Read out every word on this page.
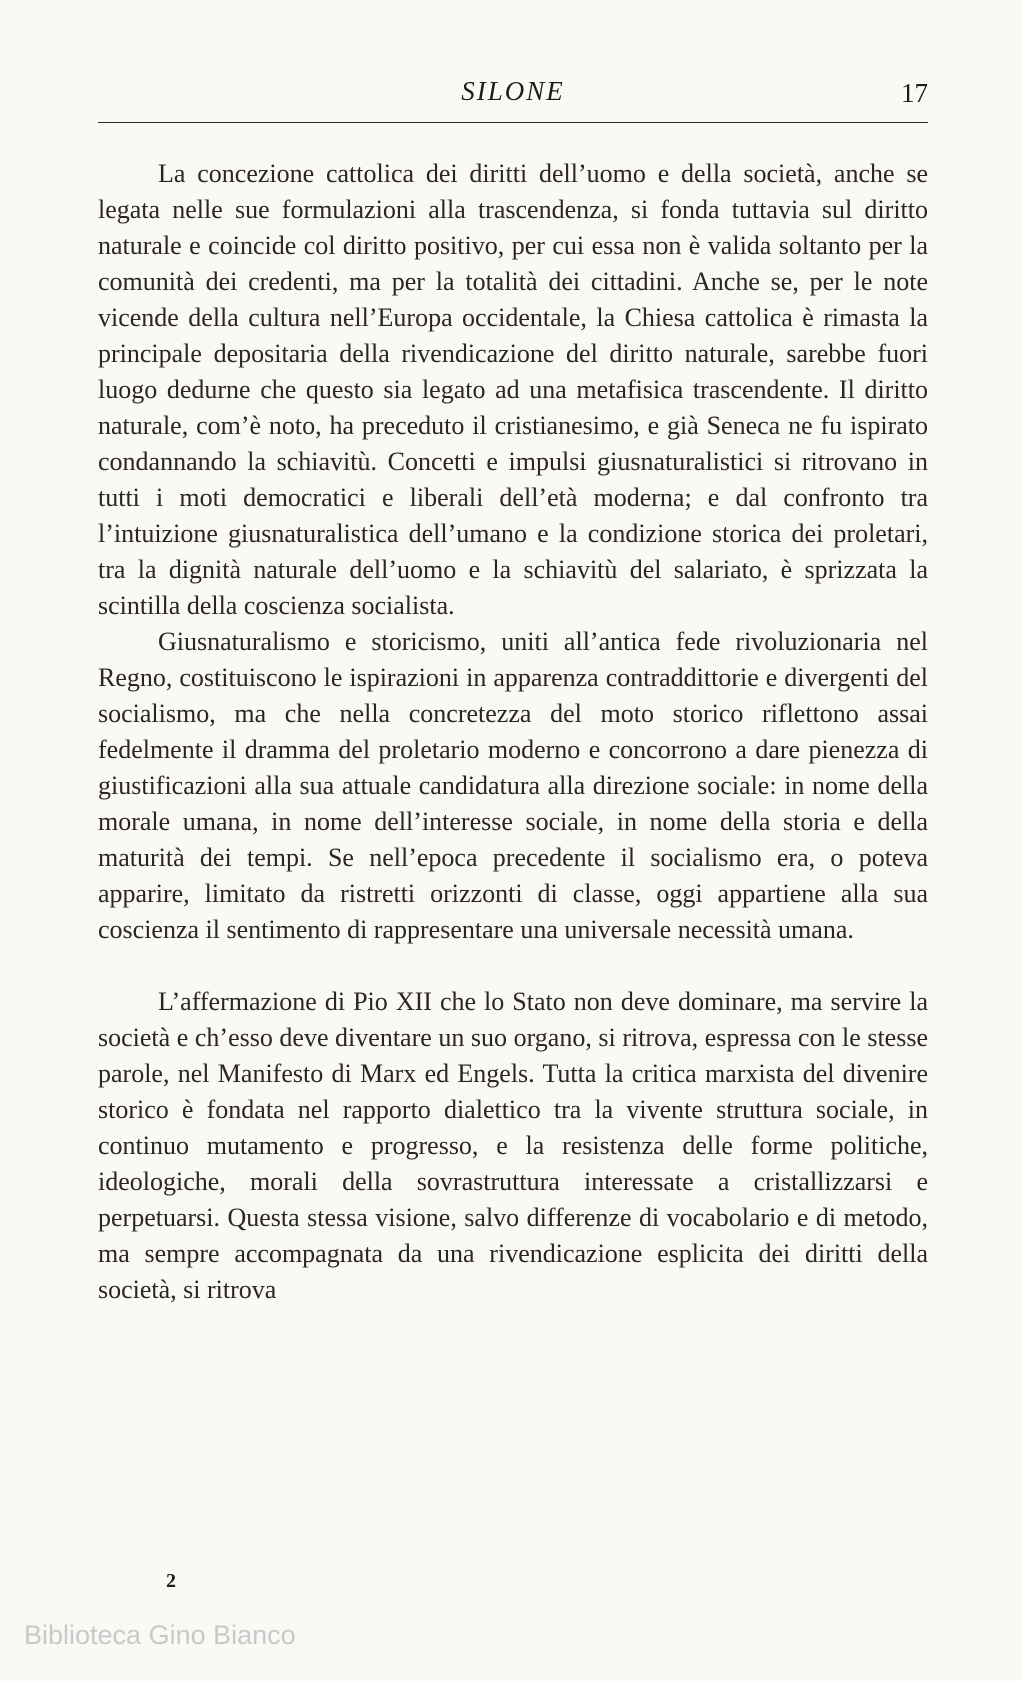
SILONE	17

La concezione cattolica dei diritti dell’uomo e della società, anche se legata nelle sue formulazioni alla trascendenza, si fonda tuttavia sul diritto naturale e coincide col diritto positivo, per cui essa non è valida soltanto per la comunità dei credenti, ma per la totalità dei cittadini. Anche se, per le note vicende della cultura nell’Europa occidentale, la Chiesa cattolica è rimasta la principale depositaria della rivendicazione del diritto naturale, sarebbe fuori luogo dedurne che questo sia legato ad una metafisica trascendente. Il diritto naturale, com’è noto, ha preceduto il cristianesimo, e già Seneca ne fu ispirato condannando la schiavitù. Concetti e impulsi giusnaturalistici si ritrovano in tutti i moti democratici e liberali dell’età moderna; e dal confronto tra l’intuizione giusnaturalistica dell’umano e la condizione storica dei proletari, tra la dignità naturale dell’uomo e la schiavitù del salariato, è sprizzata la scintilla della coscienza socialista.

Giusnaturalismo e storicismo, uniti all’antica fede rivoluzionaria nel Regno, costituiscono le ispirazioni in apparenza contraddittorie e divergenti del socialismo, ma che nella concretezza del moto storico riflettono assai fedelmente il dramma del proletario moderno e concorrono a dare pienezza di giustificazioni alla sua attuale candidatura alla direzione sociale: in nome della morale umana, in nome dell’interesse sociale, in nome della storia e della maturità dei tempi. Se nell’epoca precedente il socialismo era, o poteva apparire, limitato da ristretti orizzonti di classe, oggi appartiene alla sua coscienza il sentimento di rappresentare una universale necessità umana.

L’affermazione di Pio XII che lo Stato non deve dominare, ma servire la società e ch’esso deve diventare un suo organo, si ritrova, espressa con le stesse parole, nel Manifesto di Marx ed Engels. Tutta la critica marxista del divenire storico è fondata nel rapporto dialettico tra la vivente struttura sociale, in continuo mutamento e progresso, e la resistenza delle forme politiche, ideologiche, morali della sovrastruttura interessate a cristallizzarsi e perpetuarsi. Questa stessa visione, salvo differenze di vocabolario e di metodo, ma sempre accompagnata da una rivendicazione esplicita dei diritti della società, si ritrova

2
Biblioteca Gino Bianco
